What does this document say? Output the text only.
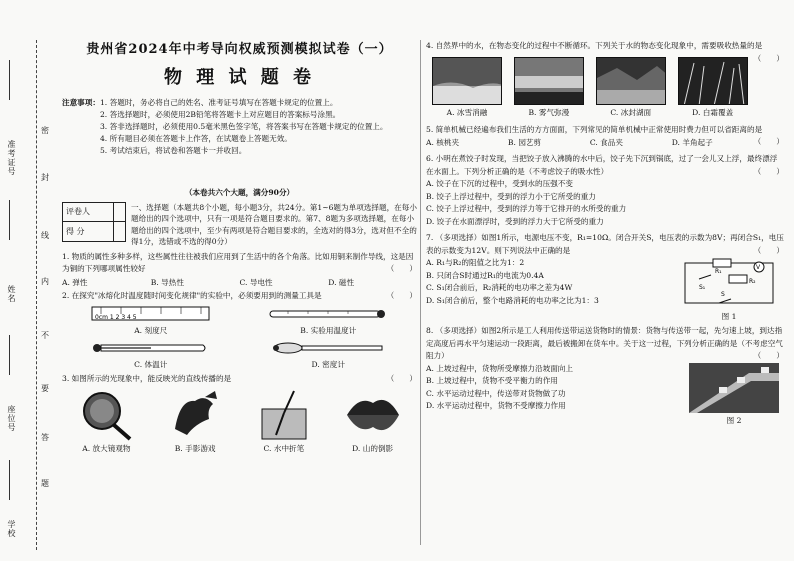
准考证号
姓名
座位号
学校
密
封
线
内
不
要
答
题
贵州省2024年中考导向权威预测模拟试卷（一）
物 理 试 题 卷
注意事项： 1. 答题时，务必将自己的姓名、准考证号填写在答题卡规定的位置上。
2. 答选择题时，必须使用2B铅笔将答题卡上对应题目的答案标号涂黑。
3. 答非选择题时，必须使用0.5毫米黑色签字笔，将答案书写在答题卡规定的位置上。
4. 所有题目必须在答题卡上作答，在试题卷上答题无效。
5. 考试结束后，将试卷和答题卡一并收回。
（本卷共六个大题，满分90分）
评卷人	
得 分	
一、选择题（本题共8个小题，每小题3分，共24分。第1~6题为单项选择题，在每小题给出的四个选项中，只有一项是符合题目要求的。第7、8题为多项选择题，在每小题给出的四个选项中，至少有两项是符合题目要求的，全选对的得3分，选对但不全的得1分，选错或不选的得0分）
1. 物质的属性多种多样，这些属性往往被我们应用到了生活中的各个角落。比如用铜来制作导线，这是因为铜的下列哪项属性较好	（　　）
A. 弹性	B. 导热性	C. 导电性	D. 磁性
2. 在探究"冰熔化时温度随时间变化规律"的实验中，必须要用到的测量工具是	（　　）
0cm 1 2 3 4 5
A. 刻度尺	B. 实验用温度计
C. 体温计	D. 密度计
3. 如图所示的光现象中，能反映光的直线传播的是	（　　）
A. 放大镜观物	B. 手影游戏	C. 水中折笔	D. 山的倒影
4. 自然界中的水，在物态变化的过程中不断循环。下列关于水的物态变化现象中，需要吸收热量的是
（　　）
A. 冰雪消融	B. 雾气弥漫	C. 冰封湖面	D. 白霜覆盖
5. 简单机械已经遍布我们生活的方方面面，下列常见的简单机械中正常使用时费力但可以省距离的是
（　　）
A. 核桃夹	B. 园艺剪	C. 食品夹	D. 羊角起子
6. 小明在煮饺子时发现，当把饺子放入沸腾的水中后，饺子先下沉到锅底，过了一会儿又上浮，最终漂浮在水面上。下列分析正确的是（不考虑饺子的吸水性）	（　　）
A. 饺子在下沉的过程中，受到水的压强不变
B. 饺子上浮过程中，受到的浮力小于它所受的重力
C. 饺子上浮过程中，受到的浮力等于它排开的水所受的重力
D. 饺子在水面漂浮时，受到的浮力大于它所受的重力
7. （多项选择）如图1所示，电源电压不变，R₁=10Ω。闭合开关S，电压表的示数为8V；再闭合S₁，电压表的示数变为12V。则下列说法中正确的是	（　　）
A. R₁与R₂的阻值之比为1：2
B. 只闭合S时通过R₁的电流为0.4A
C. S₁闭合前后，R₂消耗的电功率之差为4W
D. S₁闭合前后，整个电路消耗的电功率之比为1：3
R₁
R₂
S₁
S
V
图 1
8. （多项选择）如图2所示是工人利用传送带运送货物时的情景：货物与传送带一起，先匀速上坡，到达指定高度后再水平匀速运动一段距离，最后被搬卸在货车中。关于这一过程，下列分析正确的是（不考虑空气阻力）	（　　）
A. 上坡过程中，货物所受摩擦力沿坡面向上
B. 上坡过程中，货物不受平衡力的作用
C. 水平运动过程中，传送带对货物做了功
D. 水平运动过程中，货物不受摩擦力作用
图 2
